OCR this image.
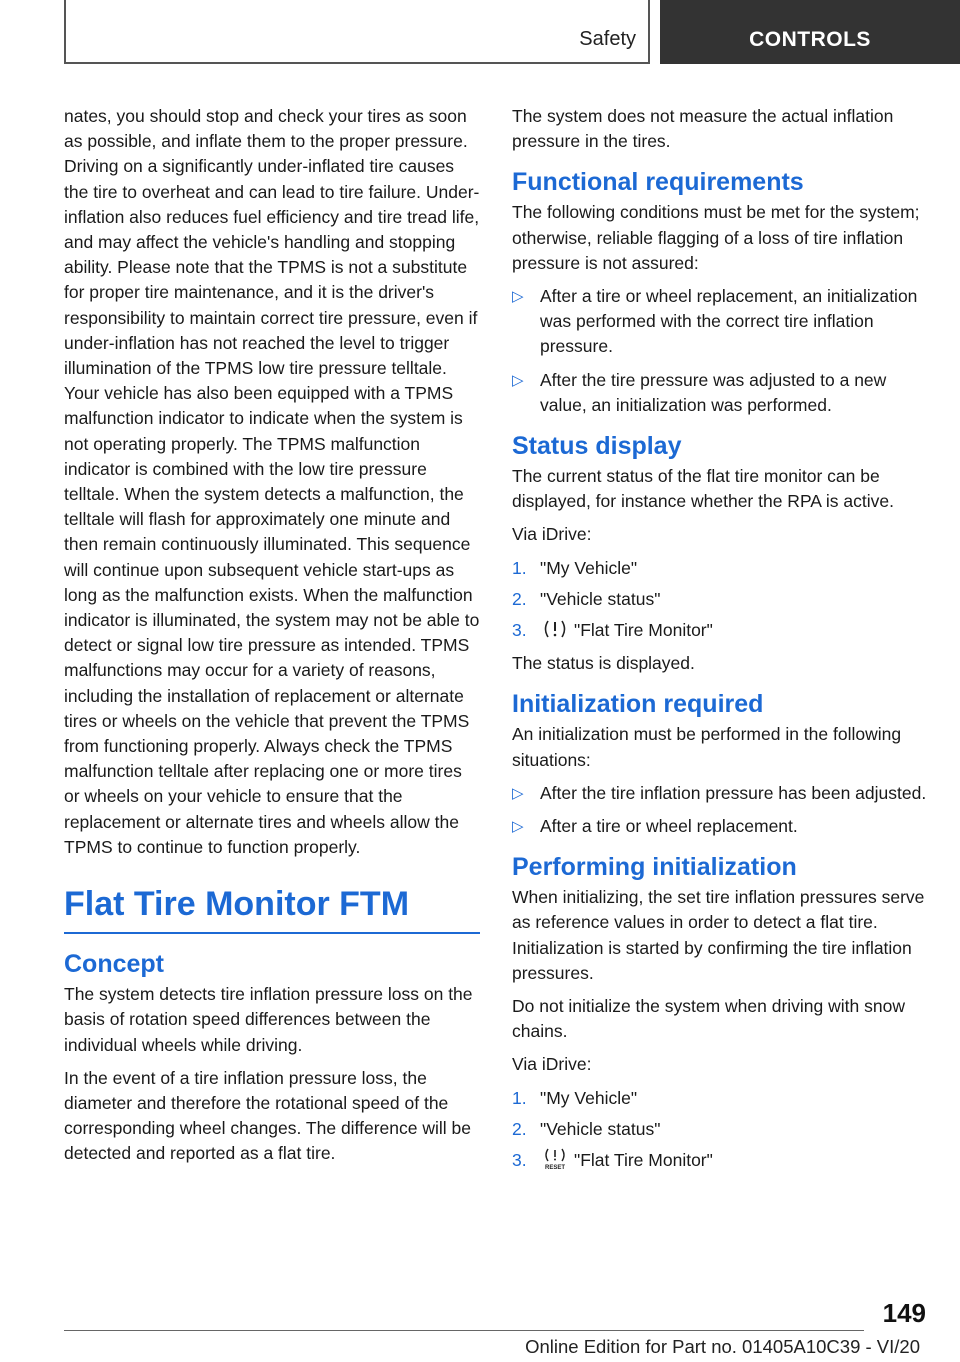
Safety	CONTROLS

nates, you should stop and check your tires as soon as possible, and inflate them to the proper pressure. Driving on a significantly under-inflated tire causes the tire to overheat and can lead to tire failure. Under-inflation also reduces fuel efficiency and tire tread life, and may affect the vehicle's handling and stopping ability. Please note that the TPMS is not a substitute for proper tire maintenance, and it is the driver's responsibility to maintain correct tire pressure, even if under-inflation has not reached the level to trigger illumination of the TPMS low tire pressure telltale. Your vehicle has also been equipped with a TPMS malfunction indicator to indicate when the system is not operating properly. The TPMS malfunction indicator is combined with the low tire pressure telltale. When the system detects a malfunction, the telltale will flash for approximately one minute and then remain continuously illuminated. This sequence will continue upon subsequent vehicle start-ups as long as the malfunction exists. When the malfunction indicator is illuminated, the system may not be able to detect or signal low tire pressure as intended. TPMS malfunctions may occur for a variety of reasons, including the installation of replacement or alternate tires or wheels on the vehicle that prevent the TPMS from functioning properly. Always check the TPMS malfunction telltale after replacing one or more tires or wheels on your vehicle to ensure that the replacement or alternate tires and wheels allow the TPMS to continue to function properly.

Flat Tire Monitor FTM
Concept

The system detects tire inflation pressure loss on the basis of rotation speed differences between the individual wheels while driving.

In the event of a tire inflation pressure loss, the diameter and therefore the rotational speed of the corresponding wheel changes. The difference will be detected and reported as a flat tire.

The system does not measure the actual inflation pressure in the tires.

Functional requirements

The following conditions must be met for the system; otherwise, reliable flagging of a loss of tire inflation pressure is not assured:

▷ After a tire or wheel replacement, an initialization was performed with the correct tire inflation pressure.
▷ After the tire pressure was adjusted to a new value, an initialization was performed.
Status display

The current status of the flat tire monitor can be displayed, for instance whether the RPA is active.

Via iDrive:

1. "My Vehicle"
2. "Vehicle status"
3.	"Flat Tire Monitor"

The status is displayed.

Initialization required

An initialization must be performed in the following situations:

▷ After the tire inflation pressure has been adjusted.
▷ After a tire or wheel replacement.
Performing initialization

When initializing, the set tire inflation pressures serve as reference values in order to detect a flat tire. Initialization is started by confirming the tire inflation pressures.

Do not initialize the system when driving with snow chains.

Via iDrive:

1. "My Vehicle"
2. "Vehicle status"
3.	RESET "Flat Tire Monitor"
149
Online Edition for Part no. 01405A10C39 - VI/20
